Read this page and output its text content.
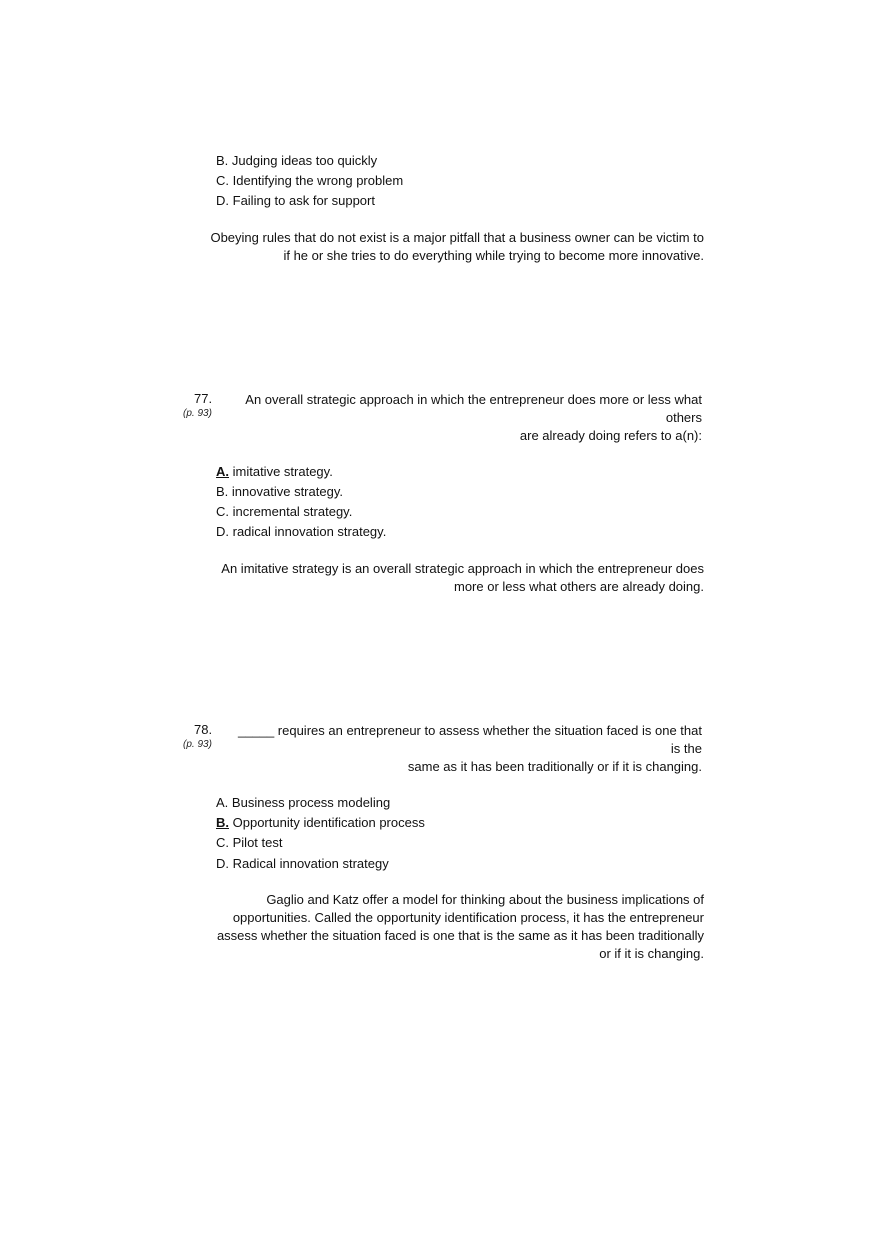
B. Judging ideas too quickly
C. Identifying the wrong problem
D. Failing to ask for support
Obeying rules that do not exist is a major pitfall that a business owner can be victim to
if he or she tries to do everything while trying to become more innovative.
77.	An overall strategic approach in which the entrepreneur does more or less what others
are already doing refers to a(n):
(p. 93)
A. imitative strategy.
B. innovative strategy.
C. incremental strategy.
D. radical innovation strategy.
An imitative strategy is an overall strategic approach in which the entrepreneur does
more or less what others are already doing.
78.	_____ requires an entrepreneur to assess whether the situation faced is one that is the
same as it has been traditionally or if it is changing.
(p. 93)
A. Business process modeling
B. Opportunity identification process
C. Pilot test
D. Radical innovation strategy
Gaglio and Katz offer a model for thinking about the business implications of
opportunities. Called the opportunity identification process, it has the entrepreneur
assess whether the situation faced is one that is the same as it has been traditionally
or if it is changing.
